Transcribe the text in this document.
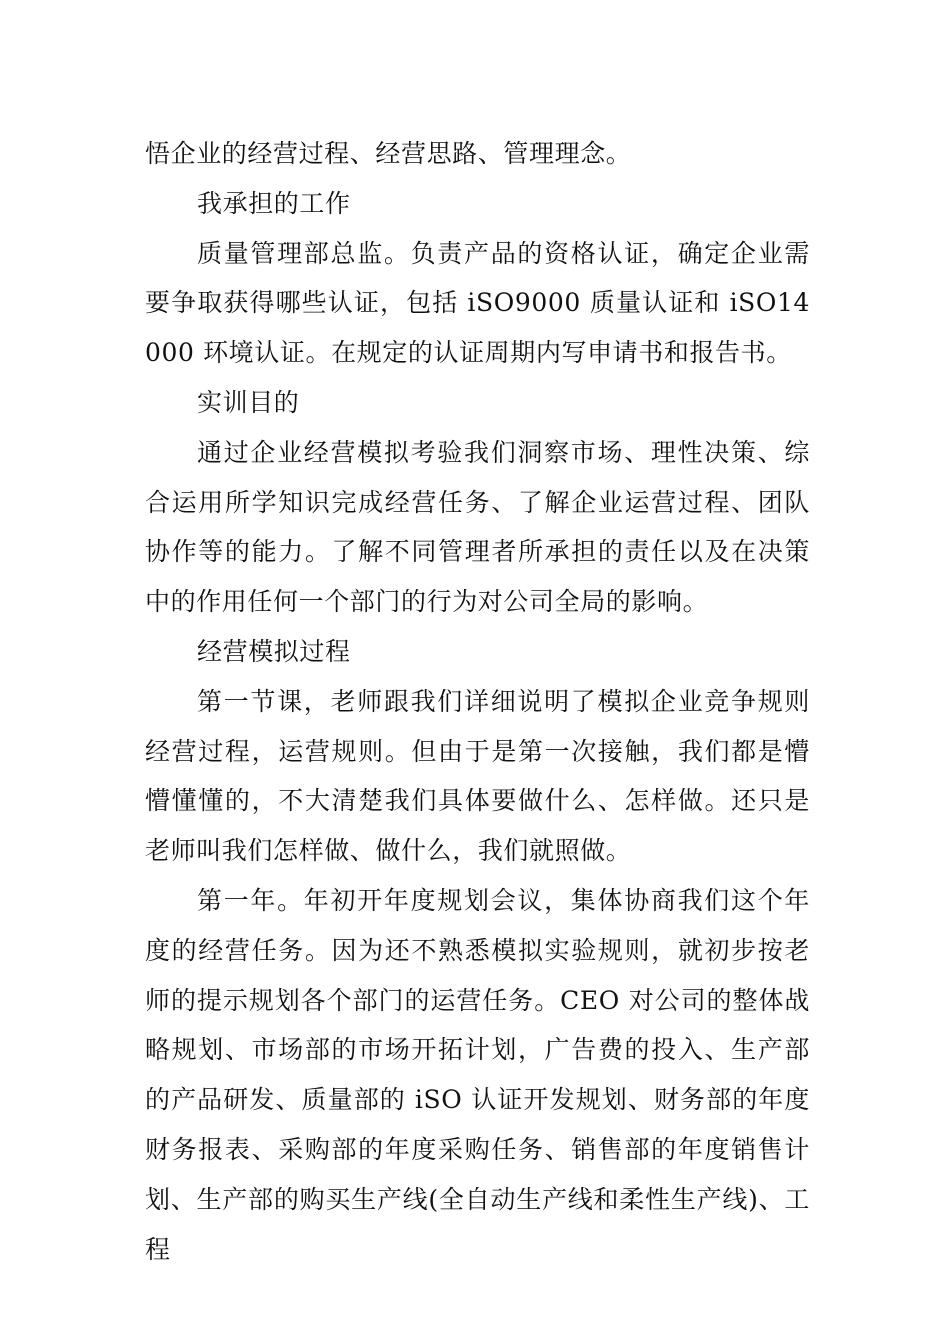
悟企业的经营过程、经营思路、管理理念。

我承担的工作

质量管理部总监。负责产品的资格认证，确定企业需要争取获得哪些认证，包括 iSO9000 质量认证和 iSO14000 环境认证。在规定的认证周期内写申请书和报告书。

实训目的

通过企业经营模拟考验我们洞察市场、理性决策、综合运用所学知识完成经营任务、了解企业运营过程、团队协作等的能力。了解不同管理者所承担的责任以及在决策中的作用任何一个部门的行为对公司全局的影响。

经营模拟过程

第一节课，老师跟我们详细说明了模拟企业竞争规则经营过程，运营规则。但由于是第一次接触，我们都是懵懵懂懂的，不大清楚我们具体要做什么、怎样做。还只是老师叫我们怎样做、做什么，我们就照做。

第一年。年初开年度规划会议，集体协商我们这个年度的经营任务。因为还不熟悉模拟实验规则，就初步按老师的提示规划各个部门的运营任务。CEO 对公司的整体战略规划、市场部的市场开拓计划，广告费的投入、生产部的产品研发、质量部的 iSO 认证开发规划、财务部的年度财务报表、采购部的年度采购任务、销售部的年度销售计划、生产部的购买生产线(全自动生产线和柔性生产线)、工程
